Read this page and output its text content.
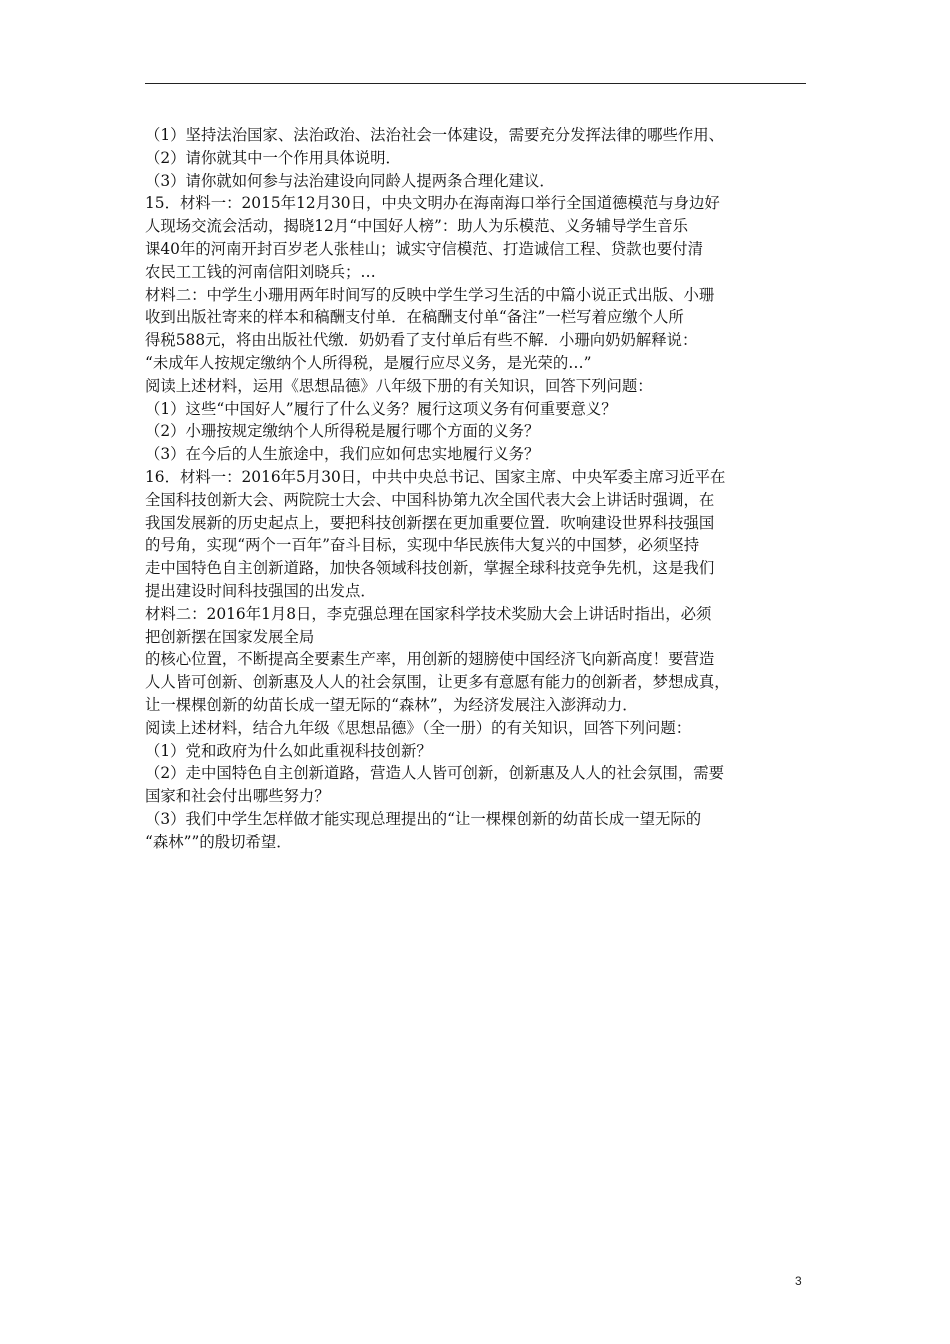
（1）坚持法治国家、法治政治、法治社会一体建设，需要充分发挥法律的哪些作用、
（2）请你就其中一个作用具体说明．
（3）请你就如何参与法治建设向同龄人提两条合理化建议．
15．材料一：2015年12月30日，中央文明办在海南海口举行全国道德模范与身边好
人现场交流会活动，揭晓12月“中国好人榜”：助人为乐模范、义务辅导学生音乐
课40年的河南开封百岁老人张桂山；诚实守信模范、打造诚信工程、贷款也要付清
农民工工钱的河南信阳刘晓兵；…
材料二：中学生小珊用两年时间写的反映中学生学习生活的中篇小说正式出版、小珊
收到出版社寄来的样本和稿酬支付单．在稿酬支付单“备注”一栏写着应缴个人所
得税588元，将由出版社代缴．奶奶看了支付单后有些不解．小珊向奶奶解释说：
“未成年人按规定缴纳个人所得税，是履行应尽义务，是光荣的…”
阅读上述材料，运用《思想品德》八年级下册的有关知识，回答下列问题：
（1）这些“中国好人”履行了什么义务？履行这项义务有何重要意义？
（2）小珊按规定缴纳个人所得税是履行哪个方面的义务？
（3）在今后的人生旅途中，我们应如何忠实地履行义务？
16．材料一：2016年5月30日，中共中央总书记、国家主席、中央军委主席习近平在
全国科技创新大会、两院院士大会、中国科协第九次全国代表大会上讲话时强调，在
我国发展新的历史起点上，要把科技创新摆在更加重要位置．吹响建设世界科技强国
的号角，实现“两个一百年”奋斗目标，实现中华民族伟大复兴的中国梦，必须坚持
走中国特色自主创新道路，加快各领域科技创新，掌握全球科技竞争先机，这是我们
提出建设时间科技强国的出发点．
材料二：2016年1月8日，李克强总理在国家科学技术奖励大会上讲话时指出，必须
把创新摆在国家发展全局
的核心位置，不断提高全要素生产率，用创新的翅膀使中国经济飞向新高度！要营造
人人皆可创新、创新惠及人人的社会氛围，让更多有意愿有能力的创新者，梦想成真，
让一棵棵创新的幼苗长成一望无际的“森林”，为经济发展注入澎湃动力．
阅读上述材料，结合九年级《思想品德》（全一册）的有关知识，回答下列问题：
（1）党和政府为什么如此重视科技创新？
（2）走中国特色自主创新道路，营造人人皆可创新，创新惠及人人的社会氛围，需要
国家和社会付出哪些努力？
（3）我们中学生怎样做才能实现总理提出的“让一棵棵创新的幼苗长成一望无际的
“森林””的殷切希望．
3
